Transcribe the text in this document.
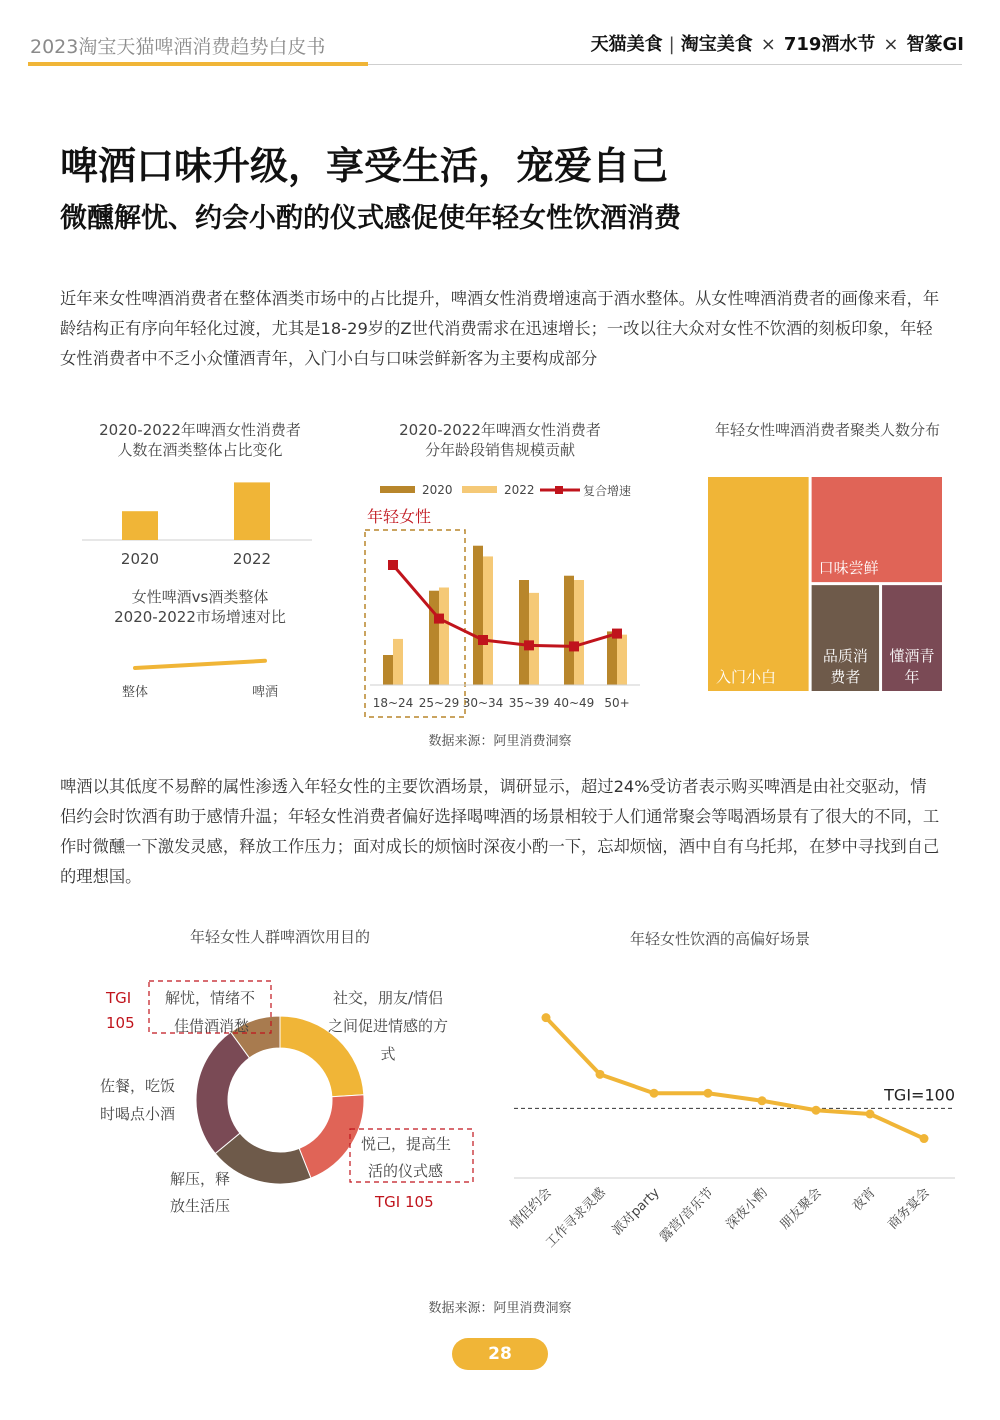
2023淘宝天猫啤酒消费趋势白皮书	天猫美食 | 淘宝美食 × 719酒水节 × 智篆GI
啤酒口味升级，享受生活，宠爱自己
微醺解忧、约会小酌的仪式感促使年轻女性饮酒消费
近年来女性啤酒消费者在整体酒类市场中的占比提升，啤酒女性消费增速高于酒水整体。从女性啤酒消费者的画像来看，年龄结构正有序向年轻化过渡，尤其是18-29岁的Z世代消费需求在迅速增长；一改以往大众对女性不饮酒的刻板印象，年轻女性消费者中不乏小众懂酒青年，入门小白与口味尝鲜新客为主要构成部分
2020-2022年啤酒女性消费者
人数在酒类整体占比变化
2020	2022
女性啤酒vs酒类整体
2020-2022市场增速对比
整体	啤酒
2020-2022年啤酒女性消费者
分年龄段销售规模贡献
2020	2022	复合增速
年轻女性
18~24 25~29 30~34 35~39 40~49 50+
年轻女性啤酒消费者聚类人数分布
入门小白
口味尝鲜
品质消
费者
懂酒青
年
数据来源：阿里消费洞察
啤酒以其低度不易醉的属性渗透入年轻女性的主要饮酒场景，调研显示，超过24%受访者表示购买啤酒是由社交驱动，情侣约会时饮酒有助于感情升温；年轻女性消费者偏好选择喝啤酒的场景相较于人们通常聚会等喝酒场景有了很大的不同，工作时微醺一下激发灵感，释放工作压力；面对成长的烦恼时深夜小酌一下，忘却烦恼，酒中自有乌托邦，在梦中寻找到自己的理想国。
年轻女性人群啤酒饮用目的
解忧，情绪不
佳借酒消愁
TGI
105
社交，朋友/情侣
之间促进情感的方
式
佐餐，吃饭
时喝点小酒
解压，释
放生活压
悦己，提高生
活的仪式感
TGI 105
年轻女性饮酒的高偏好场景
TGI=100
情侣约会
工作寻求灵感 派对party
露营/音乐节 深夜小酌 朋友聚会 夜宵 商务宴会
数据来源：阿里消费洞察
28
